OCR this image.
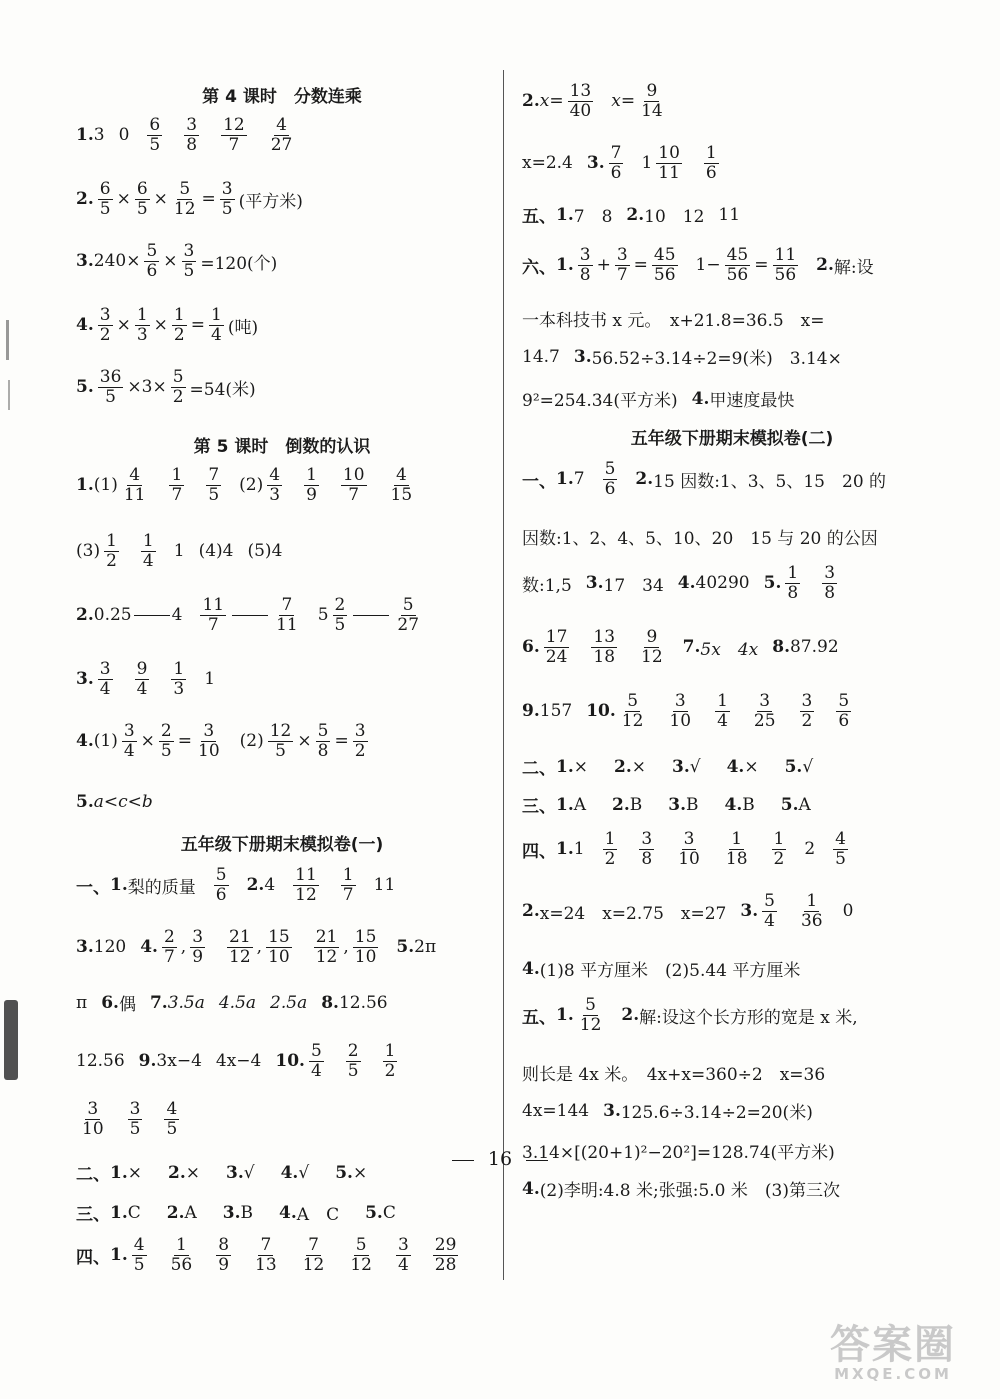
第 4 课时　分数连乘
1. 3 0
6
5
3
8
12
7
4
27
2.
6
5 ×
6
5 ×
5
12 =
3
5 (平方米)
3. $240\times \frac{5}{6} \times \frac{3}{5} =120$(个)
4.
3
2 ×
1
3 ×
1
2 =
1
4 (吨)
5. $\frac{36}{5} \times 3\times \frac{5}{2} =54$(米)
第 5 课时　倒数的认识
1. (1)
4
11
1
7
7
5 (2)
4
3
1
9
10
7
4
15
(3)
1
2
1
4 1 (4)4 (5)4
2. 0.25 4
11
7
7
11 5
2
5
5
27
3.
3
4
9
4
1
3 1
4. (1)
3
4 ×
2
5 =
3
10 (2)
12
5 ×
5
8 =
3
2
5. a<c<b
五年级下册期末模拟卷(一)
一、 1. 梨的质量
5
6 2. 4
11
12
1
7 11
3. 120 4.
2
7 ,
3
9
21
12 ,
15
10
21
12 ,
15
10 5. 2π
π 6. 偶 7. 3.5a 4.5a 2.5a 8. 12.56
12.56 9. 3x−4 4x−4 10.
5
4
2
5
1
2
3
10
3
5
4
5
二、 1. × 2. × 3. √ 4. √ 5. ×
三、 1. C 2. A 3. B 4. A　C 5. C
四、 1.
4
5
1
56
8
9
7
13
7
12
5
12
3
4
29
28
2. $x= \frac{13}{40} x= \frac{9}{14}$
x=2.4 3.
7
6 1
10
11
1
6
五、 1. 7　8 2. 10　12 11
六、 1.
3
8 +
3
7 =
45
56 $1- \frac{45}{56}$ =
11
56 2. 解:设
一本科技书 x 元。　x+21.8=36.5　x=
14.7 3. 56.52÷3.14÷2=9(米)　3.14×
9²=254.34(平方米) 4. 甲速度最快
五年级下册期末模拟卷(二)
一、 1. 7
5
6 2. 15 因数:1、3、5、15　20 的
因数:1、2、4、5、10、20　15 与 20 的公因
数:1,5 3. 17　34 4. 40290 5.
1
8
3
8
6.
17
24
13
18
9
12 7. 5x　4x 8. 87.92
9. 157 10.
5
12
3
10
1
4
3
25
3
2
5
6
二、 1. × 2. × 3. √ 4. × 5. √
三、 1. A 2. B 3. B 4. B 5. A
四、 1. 1
1
2
3
8
3
10
1
18
1
2 2
4
5
2. x=24　x=2.75　x=27 3.
5
4
1
36 0
4. (1)8 平方厘米　(2)5.44 平方厘米
五、 1.
5
12 2. 解:设这个长方形的宽是 x 米,
则长是 4x 米。　4x+x=360÷2　x=36
4x=144 3. 125.6÷3.14÷2=20(米)
3.14×[(20+1)²−20²]=128.74(平方米)
4. (2)李明:4.8 米;张强:5.0 米　(3)第三次
16
答案圈
MXQE.COM
